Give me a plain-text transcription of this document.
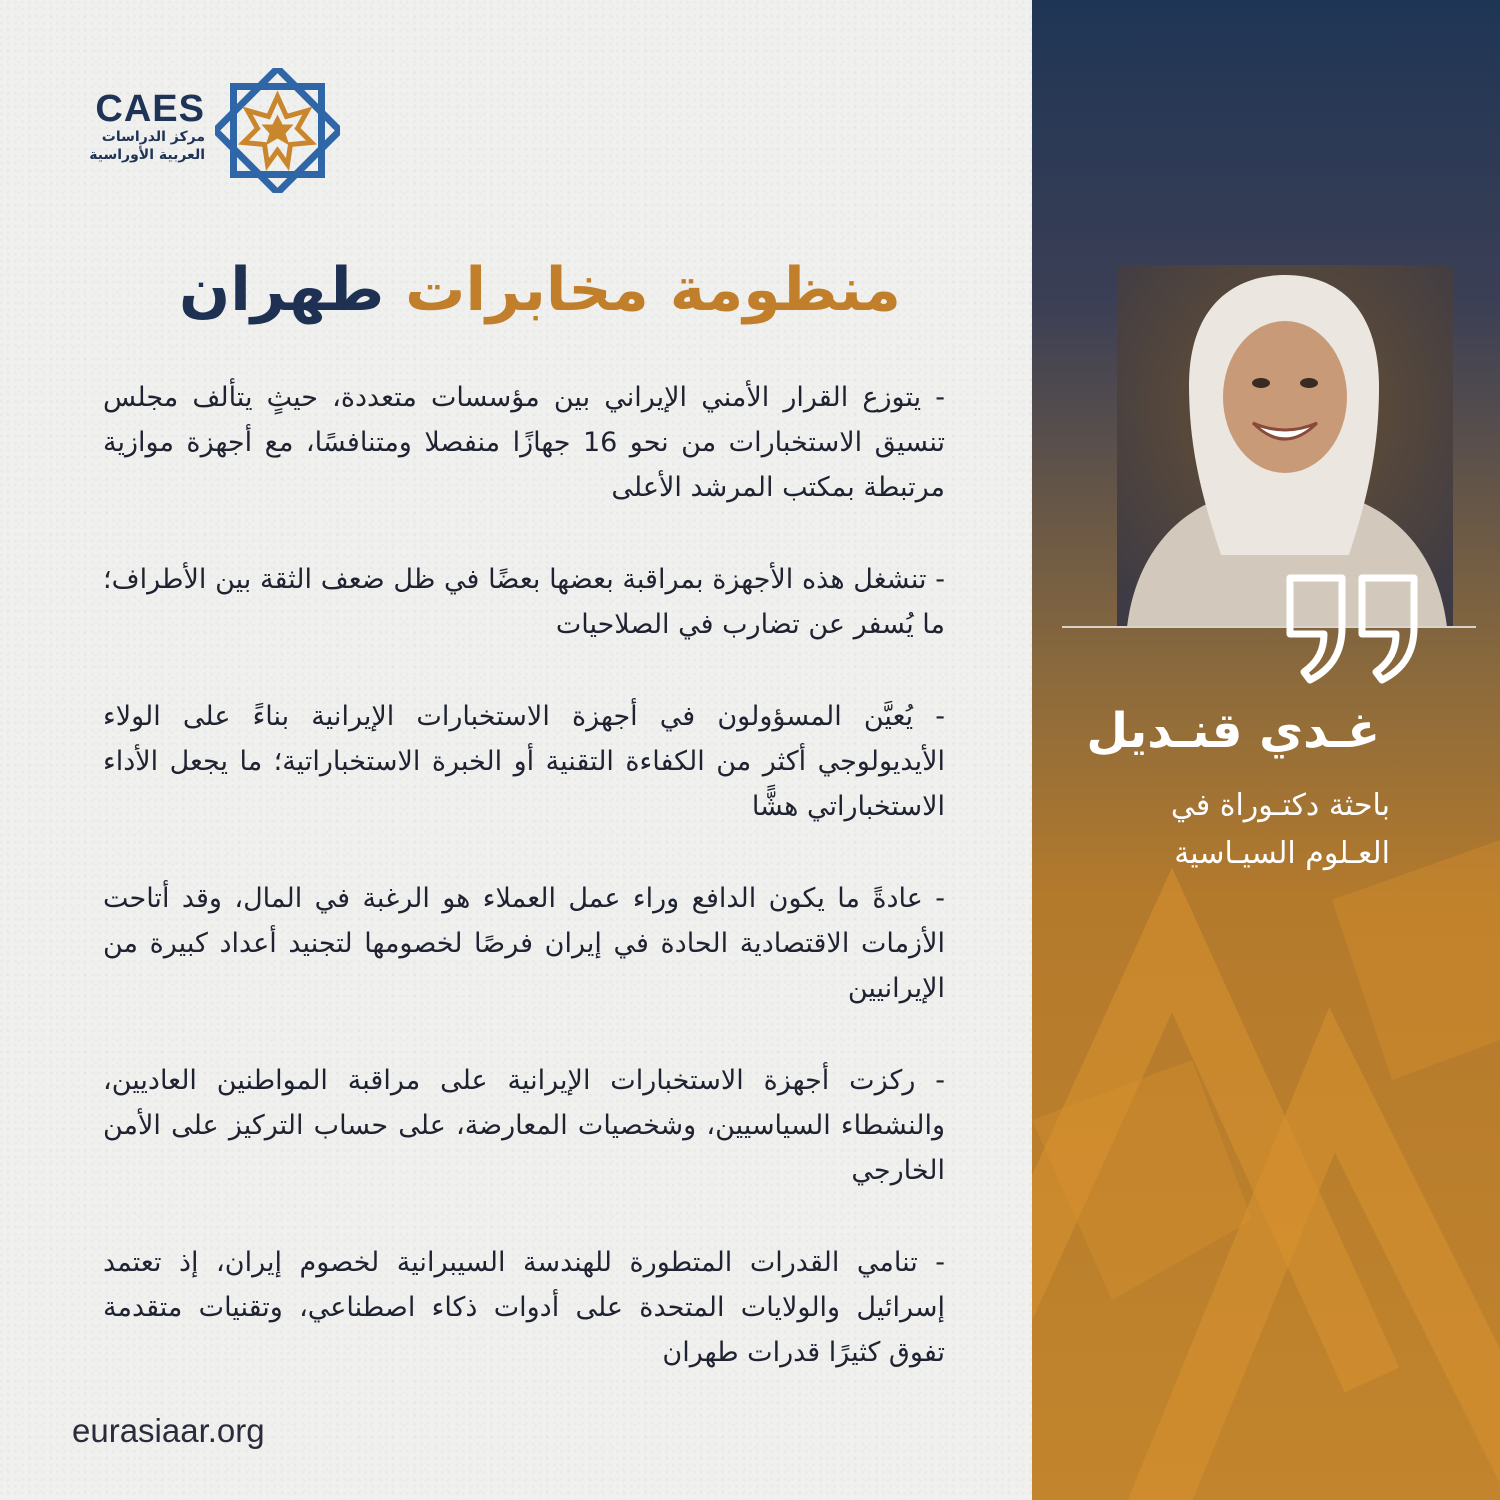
CAES
مركز الدراسات
العربية الأوراسية
منظومة مخابرات طهران

- يتوزع القرار الأمني الإيراني بين مؤسسات متعددة، حيثٍ يتألف مجلس تنسيق الاستخبارات من نحو 16 جهازًا منفصلا ومتنافسًا، مع أجهزة موازية مرتبطة بمكتب المرشد الأعلى

- تنشغل هذه الأجهزة بمراقبة بعضها بعضًا في ظل ضعف الثقة بين الأطراف؛ ما يُسفر عن تضارب في الصلاحيات

- يُعيَّن المسؤولون في أجهزة الاستخبارات الإيرانية بناءً على الولاء الأيديولوجي أكثر من الكفاءة التقنية أو الخبرة الاستخباراتية؛ ما يجعل الأداء الاستخباراتي هشًّا

- عادةً ما يكون الدافع وراء عمل العملاء هو الرغبة في المال، وقد أتاحت الأزمات الاقتصادية الحادة في إيران فرصًا لخصومها لتجنيد أعداد كبيرة من الإيرانيين

- ركزت أجهزة الاستخبارات الإيرانية على مراقبة المواطنين العاديين، والنشطاء السياسيين، وشخصيات المعارضة، على حساب التركيز على الأمن الخارجي

- تنامي القدرات المتطورة للهندسة السيبرانية لخصوم إيران، إذ تعتمد إسرائيل والولايات المتحدة على أدوات ذكاء اصطناعي، وتقنيات متقدمة تفوق كثيرًا قدرات طهران

eurasiaar.org
غـدي قنـديل
باحثة دكتـوراة في
العـلوم السيـاسية
